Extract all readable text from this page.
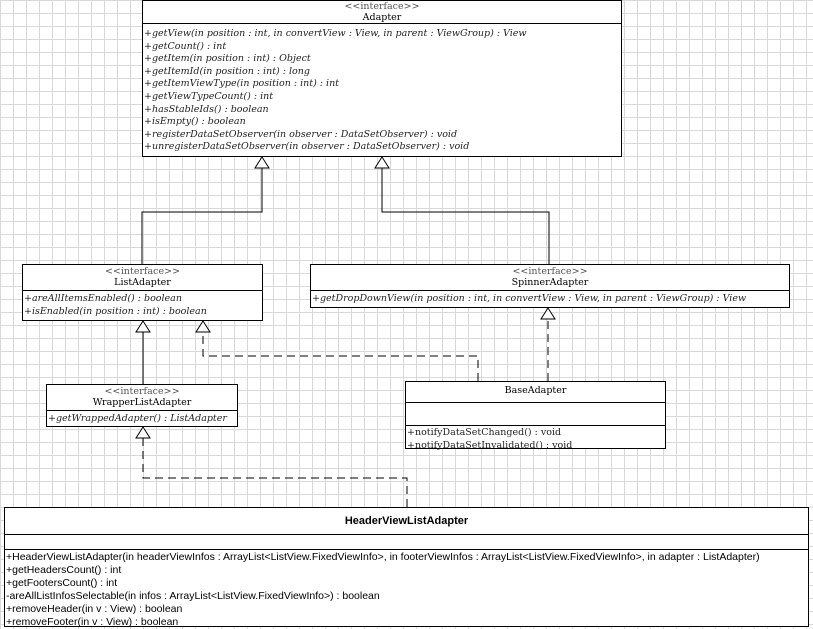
<<interface>>
Adapter
+getView(in position : int, in convertView : View, in parent : ViewGroup) : View
+getCount() : int
+getItem(in position : int) : Object
+getItemId(in position : int) : long
+getItemViewType(in position : int) : int
+getViewTypeCount() : int
+hasStableIds() : boolean
+isEmpty() : boolean
+registerDataSetObserver(in observer : DataSetObserver) : void
+unregisterDataSetObserver(in observer : DataSetObserver) : void
<<interface>>
ListAdapter
+areAllItemsEnabled() : boolean
+isEnabled(in position : int) : boolean
<<interface>>
SpinnerAdapter
+getDropDownView(in position : int, in convertView : View, in parent : ViewGroup) : View
<<interface>>
WrapperListAdapter
+getWrappedAdapter() : ListAdapter
BaseAdapter
+notifyDataSetChanged() : void
+notifyDataSetInvalidated() : void
HeaderViewListAdapter
+HeaderViewListAdapter(in headerViewInfos : ArrayList<ListView.FixedViewInfo>, in footerViewInfos : ArrayList<ListView.FixedViewInfo>, in adapter : ListAdapter)
+getHeadersCount() : int
+getFootersCount() : int
-areAllListInfosSelectable(in infos : ArrayList<ListView.FixedViewInfo>) : boolean
+removeHeader(in v : View) : boolean
+removeFooter(in v : View) : boolean
